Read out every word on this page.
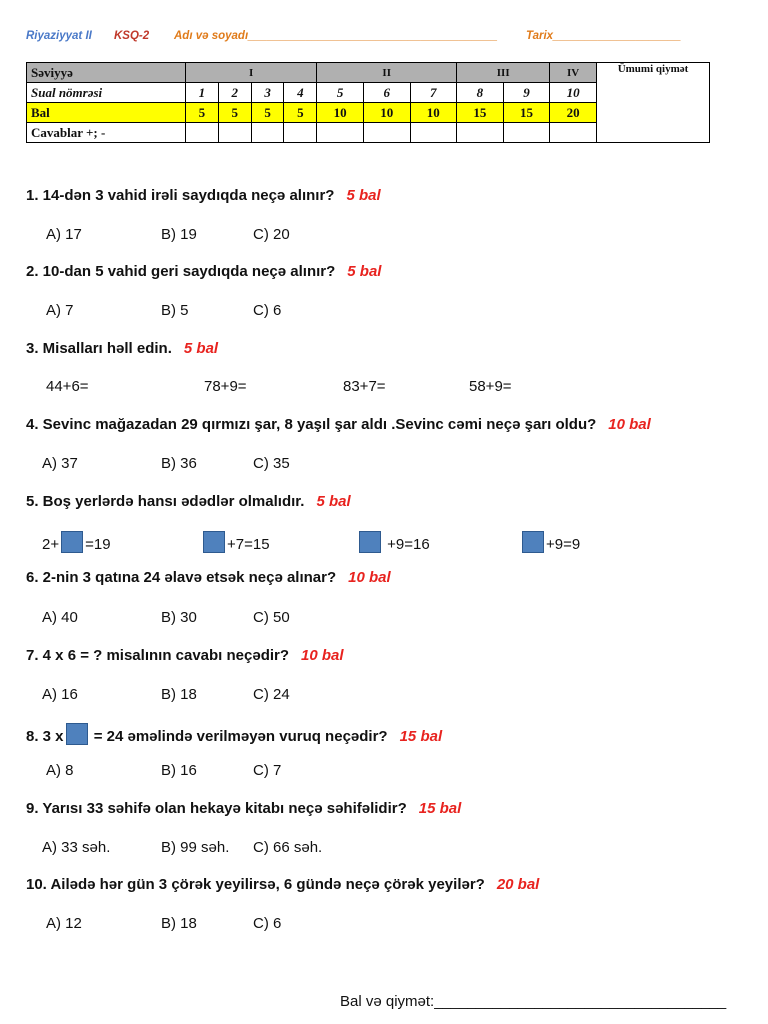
Riyaziyyat II KSQ-2 Adı və soyadı_______________________________________ Tarix____________________
Səviyyə	I				II			III		IV	Ümumi qiymət
Sual nömrəsi	1	2	3	4	5	6	7	8	9	10	
Bal	5	5	5	5	10	10	10	15	15	20	
Cavablar +; -											
1. 14-dən 3 vahid irəli saydıqda neçə alınır? 5 bal
A) 17	B) 19	C) 20
2. 10-dan 5 vahid geri saydıqda neçə alınır? 5 bal
A) 7	B) 5	C) 6
3. Misalları həll edin. 5 bal
44+6=	78+9=	83+7=	58+9=
4. Sevinc mağazadan 29 qırmızı şar, 8 yaşıl şar aldı .Sevinc cəmi neçə şarı oldu? 10 bal
A) 37	B) 36	C) 35
5. Boş yerlərdə hansı ədədlər olmalıdır. 5 bal
2+ =19	+7=15	+9=16	+9=9
6. 2-nin 3 qatına 24 əlavə etsək neçə alınar? 10 bal
A) 40	B) 30	C) 50
7. 4 x 6 = ? misalının cavabı neçədir? 10 bal
A) 16	B) 18	C) 24
8. 3 x = 24 əməlində verilməyən vuruq neçədir? 15 bal
A) 8	B) 16	C) 7
9. Yarısı 33 səhifə olan hekayə kitabı neçə səhifəlidir? 15 bal
A) 33 səh.	B) 99 səh. C) 66 səh.
10. Ailədə hər gün 3 çörək yeyilirsə, 6 gündə neçə çörək yeyilər? 20 bal
A) 12	B) 18	C) 6
Bal və qiymət:___________________________________
